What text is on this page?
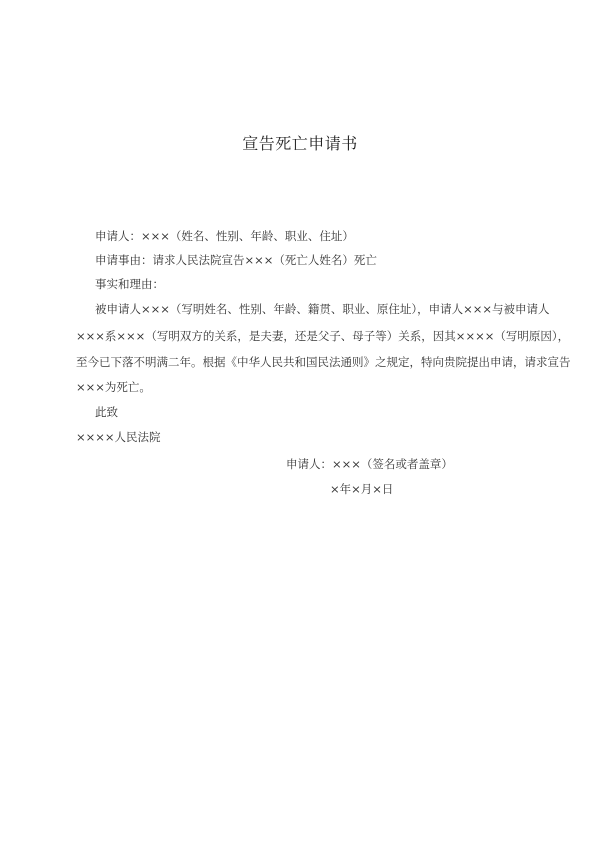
宣告死亡申请书
申请人：×××（姓名、性别、年龄、职业、住址）
申请事由：请求人民法院宣告×××（死亡人姓名）死亡
事实和理由：
被申请人×××（写明姓名、性别、年龄、籍贯、职业、原住址），申请人×××与被申请人
×××系×××（写明双方的关系，是夫妻，还是父子、母子等）关系，因其××××（写明原因），
至今已下落不明满二年。根据《中华人民共和国民法通则》之规定，特向贵院提出申请，请求宣告
×××为死亡。
此致
××××人民法院
申请人：×××（签名或者盖章）
×年×月×日
